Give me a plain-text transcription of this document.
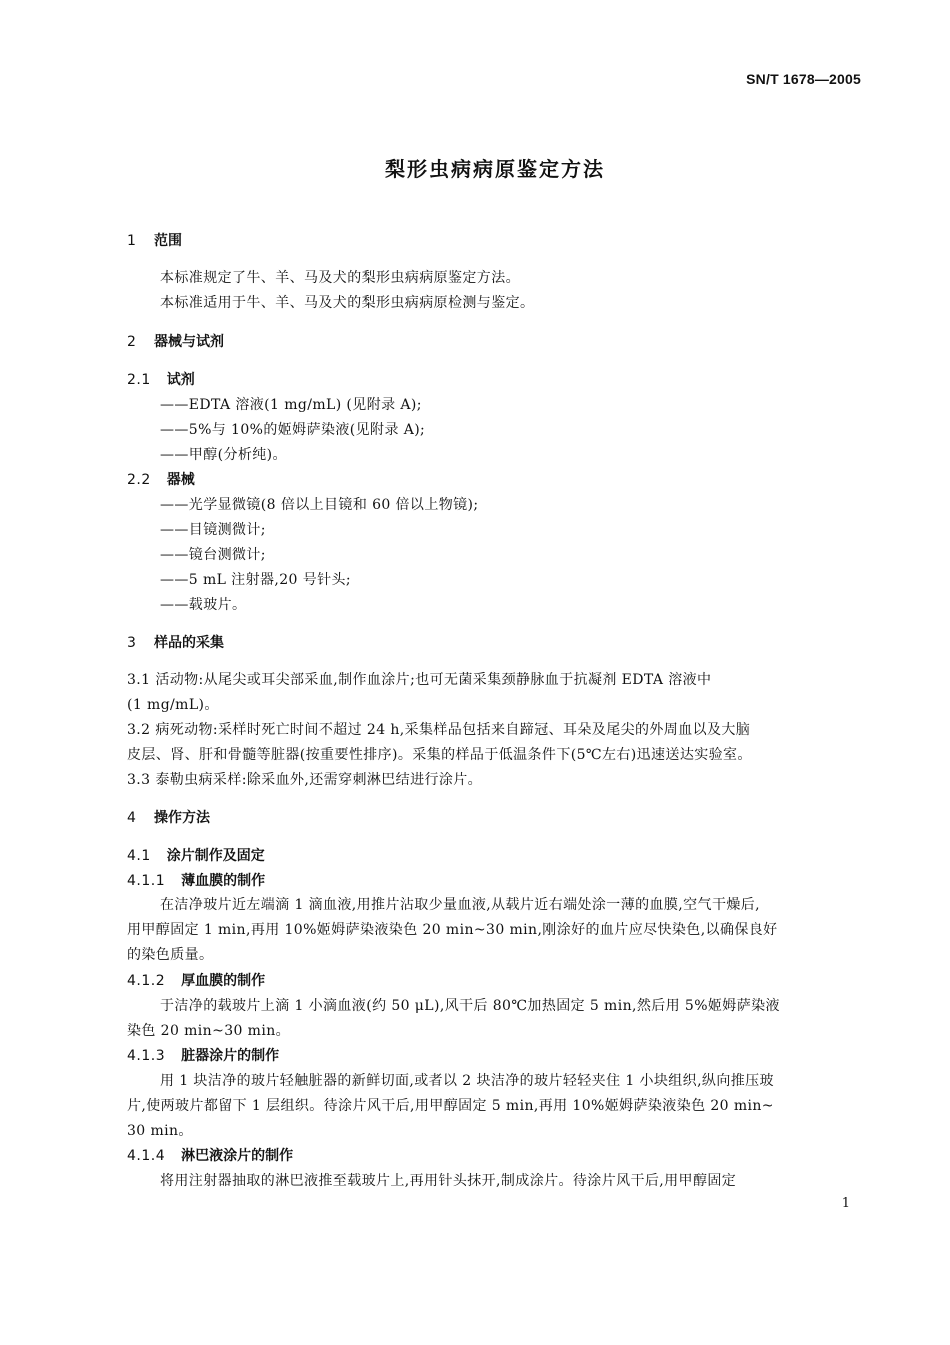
SN/T 1678—2005
梨形虫病病原鉴定方法
1 范围
本标准规定了牛、羊、马及犬的梨形虫病病原鉴定方法。
本标准适用于牛、羊、马及犬的梨形虫病病原检测与鉴定。
2 器械与试剂
2.1 试剂
——EDTA 溶液(1 mg/mL) (见附录 A);
——5%与 10%的姬姆萨染液(见附录 A);
——甲醇(分析纯)。
2.2 器械
——光学显微镜(8 倍以上目镜和 60 倍以上物镜);
——目镜测微计;
——镜台测微计;
——5 mL 注射器,20 号针头;
——载玻片。
3 样品的采集
3.1 活动物:从尾尖或耳尖部采血,制作血涂片;也可无菌采集颈静脉血于抗凝剂 EDTA 溶液中
(1 mg/mL)。
3.2 病死动物:采样时死亡时间不超过 24 h,采集样品包括来自蹄冠、耳朵及尾尖的外周血以及大脑
皮层、肾、肝和骨髓等脏器(按重要性排序)。采集的样品于低温条件下(5℃左右)迅速送达实验室。
3.3 泰勒虫病采样:除采血外,还需穿刺淋巴结进行涂片。
4 操作方法
4.1 涂片制作及固定
4.1.1 薄血膜的制作
在洁净玻片近左端滴 1 滴血液,用推片沾取少量血液,从载片近右端处涂一薄的血膜,空气干燥后,
用甲醇固定 1 min,再用 10%姬姆萨染液染色 20 min~30 min,刚涂好的血片应尽快染色,以确保良好
的染色质量。
4.1.2 厚血膜的制作
于洁净的载玻片上滴 1 小滴血液(约 50 μL),风干后 80℃加热固定 5 min,然后用 5%姬姆萨染液
染色 20 min~30 min。
4.1.3 脏器涂片的制作
用 1 块洁净的玻片轻触脏器的新鲜切面,或者以 2 块洁净的玻片轻轻夹住 1 小块组织,纵向推压玻
片,使两玻片都留下 1 层组织。待涂片风干后,用甲醇固定 5 min,再用 10%姬姆萨染液染色 20 min~
30 min。
4.1.4 淋巴液涂片的制作
将用注射器抽取的淋巴液推至载玻片上,再用针头抹开,制成涂片。待涂片风干后,用甲醇固定
1
